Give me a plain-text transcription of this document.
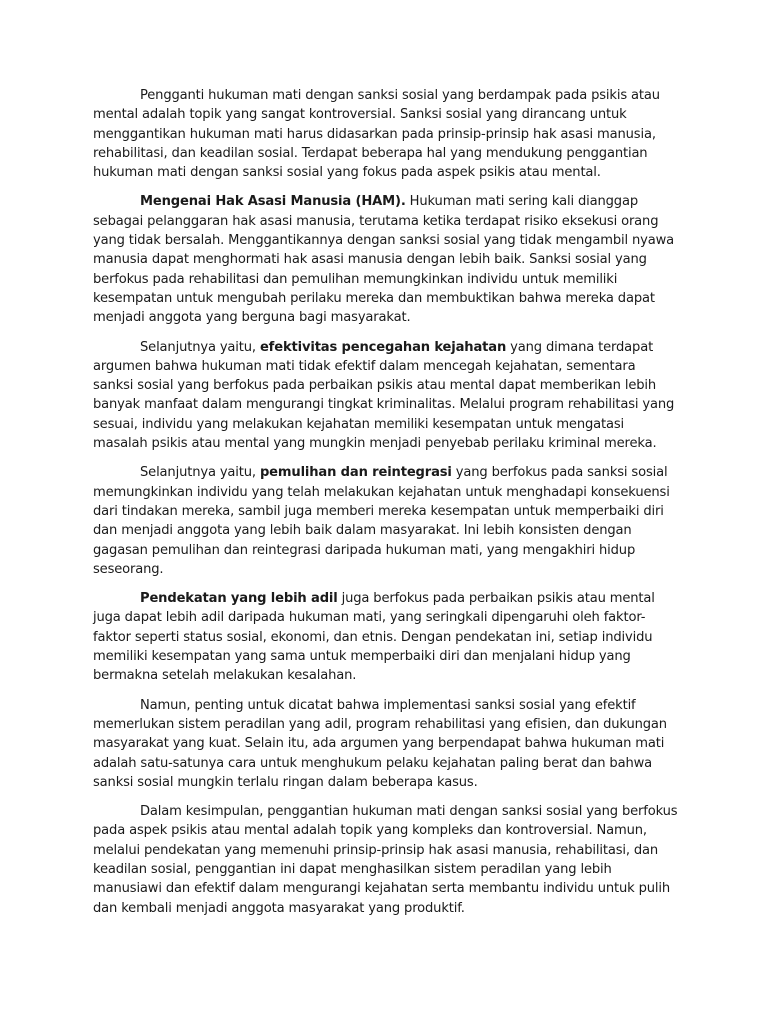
Pengganti hukuman mati dengan sanksi sosial yang berdampak pada psikis atau mental adalah topik yang sangat kontroversial. Sanksi sosial yang dirancang untuk menggantikan hukuman mati harus didasarkan pada prinsip-prinsip hak asasi manusia, rehabilitasi, dan keadilan sosial. Terdapat beberapa hal yang mendukung penggantian hukuman mati dengan sanksi sosial yang fokus pada aspek psikis atau mental.

Mengenai Hak Asasi Manusia (HAM). Hukuman mati sering kali dianggap sebagai pelanggaran hak asasi manusia, terutama ketika terdapat risiko eksekusi orang yang tidak bersalah. Menggantikannya dengan sanksi sosial yang tidak mengambil nyawa manusia dapat menghormati hak asasi manusia dengan lebih baik. Sanksi sosial yang berfokus pada rehabilitasi dan pemulihan memungkinkan individu untuk memiliki kesempatan untuk mengubah perilaku mereka dan membuktikan bahwa mereka dapat menjadi anggota yang berguna bagi masyarakat.

Selanjutnya yaitu, efektivitas pencegahan kejahatan yang dimana terdapat argumen bahwa hukuman mati tidak efektif dalam mencegah kejahatan, sementara sanksi sosial yang berfokus pada perbaikan psikis atau mental dapat memberikan lebih banyak manfaat dalam mengurangi tingkat kriminalitas. Melalui program rehabilitasi yang sesuai, individu yang melakukan kejahatan memiliki kesempatan untuk mengatasi masalah psikis atau mental yang mungkin menjadi penyebab perilaku kriminal mereka.

Selanjutnya yaitu, pemulihan dan reintegrasi yang berfokus pada sanksi sosial memungkinkan individu yang telah melakukan kejahatan untuk menghadapi konsekuensi dari tindakan mereka, sambil juga memberi mereka kesempatan untuk memperbaiki diri dan menjadi anggota yang lebih baik dalam masyarakat. Ini lebih konsisten dengan gagasan pemulihan dan reintegrasi daripada hukuman mati, yang mengakhiri hidup seseorang.

Pendekatan yang lebih adil juga berfokus pada perbaikan psikis atau mental juga dapat lebih adil daripada hukuman mati, yang seringkali dipengaruhi oleh faktor-faktor seperti status sosial, ekonomi, dan etnis. Dengan pendekatan ini, setiap individu memiliki kesempatan yang sama untuk memperbaiki diri dan menjalani hidup yang bermakna setelah melakukan kesalahan.

Namun, penting untuk dicatat bahwa implementasi sanksi sosial yang efektif memerlukan sistem peradilan yang adil, program rehabilitasi yang efisien, dan dukungan masyarakat yang kuat. Selain itu, ada argumen yang berpendapat bahwa hukuman mati adalah satu-satunya cara untuk menghukum pelaku kejahatan paling berat dan bahwa sanksi sosial mungkin terlalu ringan dalam beberapa kasus.

Dalam kesimpulan, penggantian hukuman mati dengan sanksi sosial yang berfokus pada aspek psikis atau mental adalah topik yang kompleks dan kontroversial. Namun, melalui pendekatan yang memenuhi prinsip-prinsip hak asasi manusia, rehabilitasi, dan keadilan sosial, penggantian ini dapat menghasilkan sistem peradilan yang lebih manusiawi dan efektif dalam mengurangi kejahatan serta membantu individu untuk pulih dan kembali menjadi anggota masyarakat yang produktif.
